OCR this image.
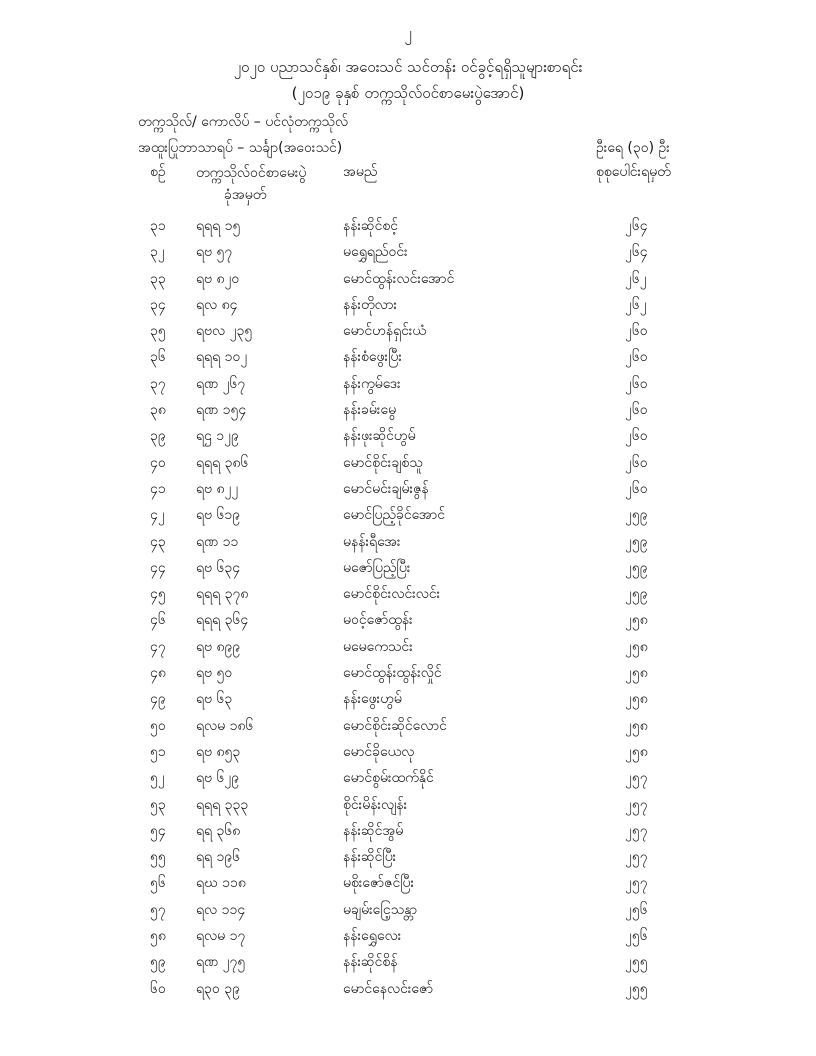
၂
၂၀၂၀ ပညာသင်နှစ်၊ အဝေးသင် သင်တန်း ဝင်ခွင့်ရရှိသူများစာရင်း
(၂၀၁၉ ခုနှစ် တက္ကသိုလ်ဝင်စာမေးပွဲအောင်)
တက္ကသိုလ်/ ကောလိပ် – ပင်လုံတက္ကသိုလ်
အထူးပြုဘာသာရပ် – သင်္ချာ(အဝေးသင်)	ဦးရေ (၃၀) ဦး
စဉ် တက္ကသိုလ်ဝင်စာမေးပွဲ
ခုံအမှတ်
အမည်	စုစုပေါင်းရမှတ်
၃၁ ရရရ ၁၅	နန်းဆိုင်စင့်	၂၆၄
၃၂ ရဗ ၅၇	မရွှေရည်ဝင်း	၂၆၄
၃၃ ရဗ ၈၂၀	မောင်ထွန်းလင်းအောင်	၂၆၂
၃၄ ရလ ၈၄	နန်းတိုလား	၂၆၂
၃၅ ရဗလ ၂၃၅	မောင်ဟန်ရှင်းယံ	၂၆၀
၃၆ ရရရ ၁၀၂	နန်းစံဖွေးပြီး	၂၆၀
၃၇ ရဏ ၂၆၇	နန်းကွမ်ဒေး	၂၆၀
၃၈ ရဏ ၁၅၄	နန်းခမ်းမွေ	၂၆၀
၃၉ ရဌ ၁၂၉	နန်းဖုးဆိုင်ဟွမ်	၂၆၀
၄၀ ရရရ ၃၈၆	မောင်စိုင်းချစ်သူ	၂၆၀
၄၁ ရဗ ၈၂၂	မောင်မင်းချမ်းဇွန်	၂၆၀
၄၂ ရဗ ၆၁၉	မောင်ပြည့်ခိုင်အောင်	၂၅၉
၄၃ ရဏ ၁၁	မနန်းရီအေး	၂၅၉
၄၄ ရဗ ၆၃၄	မဇော်ပြည့်ပြီး	၂၅၉
၄၅ ရရရ ၃၇၈	မောင်စိုင်းလင်းလင်း	၂၅၉
၄၆ ရရရ ၃၆၄	မဝင့်ဇော်ထွန်း	၂၅၈
၄၇ ရဗ ၈၉၉	မမေကေသင်း	၂၅၈
၄၈ ရဗ ၅၀	မောင်ထွန်းထွန်းလှိုင်	၂၅၈
၄၉ ရဗ ၆၃	နန်းဖွေးဟွမ်	၂၅၈
၅၀ ရလမ ၁၈၆	မောင်စိုင်းဆိုင်လောင်	၂၅၈
၅၁ ရဗ ၈၅၃	မောင်ခိုယေလု	၂၅၈
၅၂ ရဗ ၆၂၉	မောင်စွမ်းထက်နိုင်	၂၅၇
၅၃ ရရရ ၃၃၃	စိုင်းမိန်းလျန်း	၂၅၇
၅၄ ရရ ၃၆၈	နန်းဆိုင်အွမ်	၂၅၇
၅၅ ရရ ၁၉၆	နန်းဆိုင်ပြီး	၂၅၇
၅၆ ရဃ ၁၁၈	မစိုးဇော်ဇင်ပြီး	၂၅၇
၅၇ ရလ ၁၁၄	မချမ်းငြေ့သန္တာ	၂၅၆
၅၈ ရလမ ၁၇	နန်းရွှေလေး	၂၅၆
၅၉ ရဏ ၂၇၅	နန်းဆိုင်စိန်	၂၅၅
၆၀ ရ၃၀ ၃၉	မောင်နေလင်းဇော်	၂၅၅
